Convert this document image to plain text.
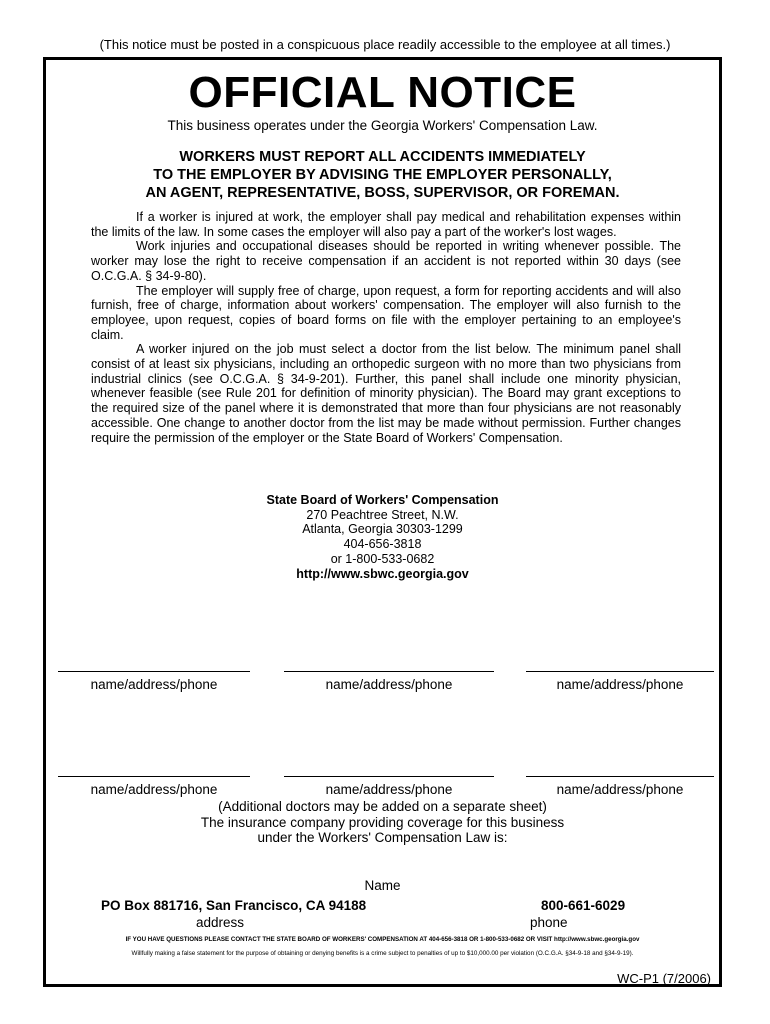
(This notice must be posted in a conspicuous place readily accessible to the employee at all times.)
OFFICIAL NOTICE
This business operates under the Georgia Workers' Compensation Law.
WORKERS MUST REPORT ALL ACCIDENTS IMMEDIATELY
TO THE EMPLOYER BY ADVISING THE EMPLOYER PERSONALLY,
AN AGENT, REPRESENTATIVE, BOSS, SUPERVISOR, OR FOREMAN.

If a worker is injured at work, the employer shall pay medical and rehabilitation expenses within the limits of the law. In some cases the employer will also pay a part of the worker's lost wages.

Work injuries and occupational diseases should be reported in writing whenever possible. The worker may lose the right to receive compensation if an accident is not reported within 30 days (see O.C.G.A. § 34-9-80).

The employer will supply free of charge, upon request, a form for reporting accidents and will also furnish, free of charge, information about workers' compensation. The employer will also furnish to the employee, upon request, copies of board forms on file with the employer pertaining to an employee's claim.

A worker injured on the job must select a doctor from the list below. The minimum panel shall consist of at least six physicians, including an orthopedic surgeon with no more than two physicians from industrial clinics (see O.C.G.A. § 34-9-201). Further, this panel shall include one minority physician, whenever feasible (see Rule 201 for definition of minority physician). The Board may grant exceptions to the required size of the panel where it is demonstrated that more than four physicians are not reasonably accessible. One change to another doctor from the list may be made without permission. Further changes require the permission of the employer or the State Board of Workers' Compensation.

State Board of Workers' Compensation
270 Peachtree Street, N.W.
Atlanta, Georgia 30303-1299
404-656-3818
or 1-800-533-0682
http://www.sbwc.georgia.gov
name/address/phone	name/address/phone	name/address/phone
name/address/phone	name/address/phone	name/address/phone
(Additional doctors may be added on a separate sheet)
The insurance company providing coverage for this business
under the Workers' Compensation Law is:
Name
PO Box 881716, San Francisco, CA 94188	800-661-6029
address	phone
IF YOU HAVE QUESTIONS PLEASE CONTACT THE STATE BOARD OF WORKERS' COMPENSATION AT 404-656-3818 OR 1-800-533-0682 OR VISIT http://www.sbwc.georgia.gov
Willfully making a false statement for the purpose of obtaining or denying benefits is a crime subject to penalties of up to $10,000.00 per violation (O.C.G.A. §34-9-18 and §34-9-19).
WC-P1 (7/2006)
